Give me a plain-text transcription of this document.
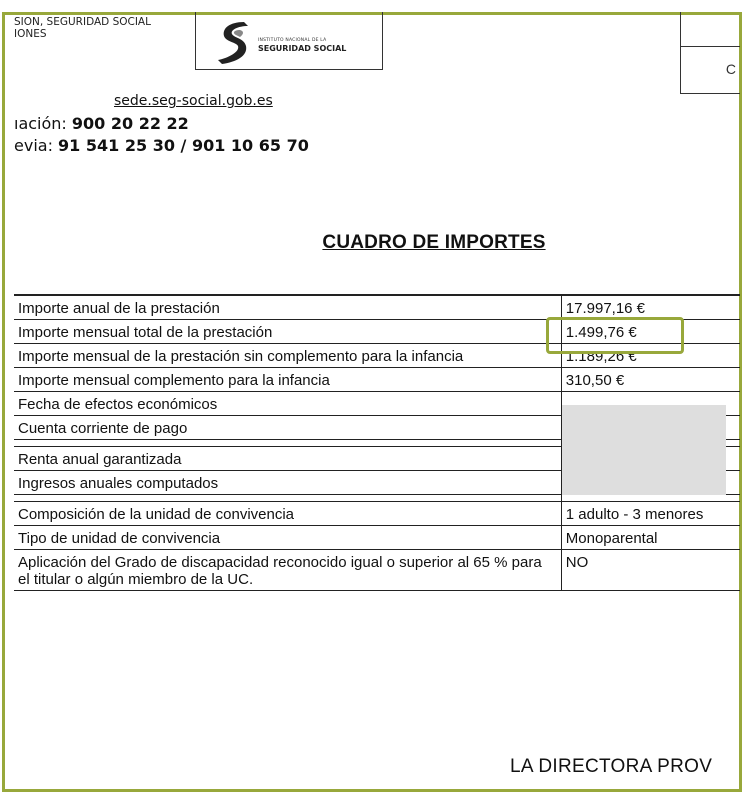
SION, SEGURIDAD SOCIAL
IONES
INSTITUTO NACIONAL DE LA
SEGURIDAD SOCIAL
C
sede.seg-social.gob.es
ıación: 900 20 22 22
evia: 91 541 25 30 / 901 10 65 70
CUADRO DE IMPORTES
Importe anual de la prestación	17.997,16 €
Importe mensual total de la prestación	1.499,76 €
Importe mensual de la prestación sin complemento para la infancia	1.189,26 €
Importe mensual complemento para la infancia	310,50 €
Fecha de efectos económicos	
Cuenta corriente de pago	

Renta anual garantizada	
Ingresos anuales computados	

Composición de la unidad de convivencia	1 adulto - 3 menores
Tipo de unidad de convivencia	Monoparental
Aplicación del Grado de discapacidad reconocido igual o superior al 65 % para el titular o algún miembro de la UC.	NO
LA DIRECTORA PROV
